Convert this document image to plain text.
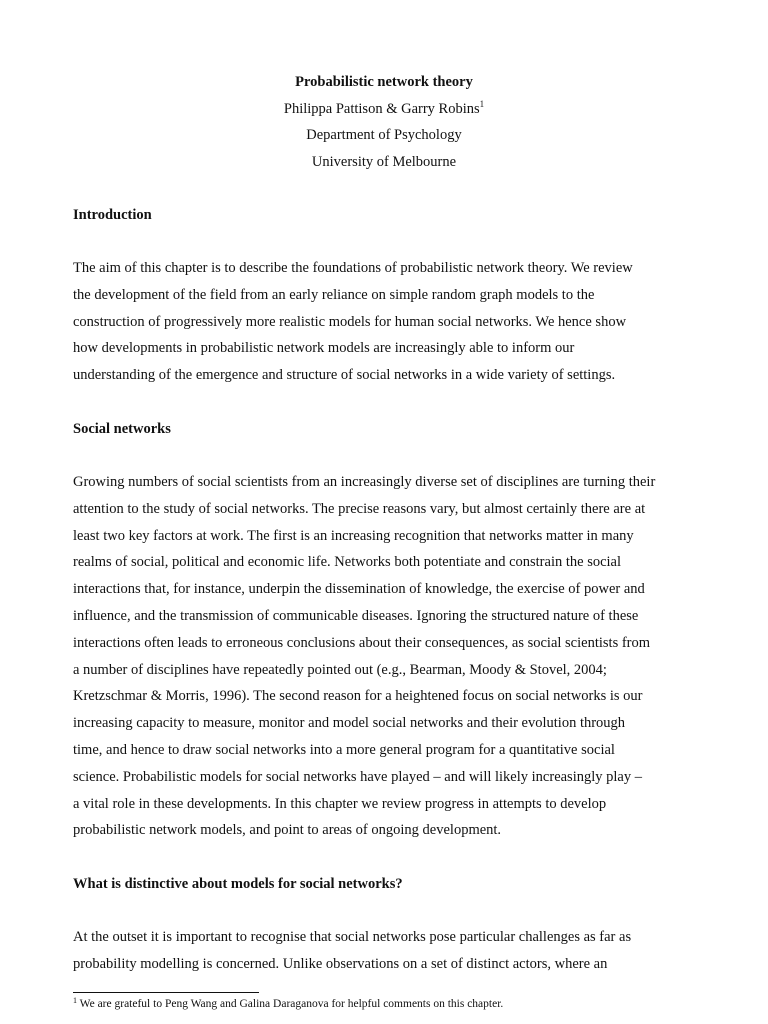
Probabilistic network theory
Philippa Pattison & Garry Robins$^1$
Department of Psychology
University of Melbourne
Introduction
The aim of this chapter is to describe the foundations of probabilistic network theory. We review
the development of the field from an early reliance on simple random graph models to the
construction of progressively more realistic models for human social networks. We hence show
how developments in probabilistic network models are increasingly able to inform our
understanding of the emergence and structure of social networks in a wide variety of settings.
Social networks
Growing numbers of social scientists from an increasingly diverse set of disciplines are turning their
attention to the study of social networks. The precise reasons vary, but almost certainly there are at
least two key factors at work. The first is an increasing recognition that networks matter in many
realms of social, political and economic life. Networks both potentiate and constrain the social
interactions that, for instance, underpin the dissemination of knowledge, the exercise of power and
influence, and the transmission of communicable diseases. Ignoring the structured nature of these
interactions often leads to erroneous conclusions about their consequences, as social scientists from
a number of disciplines have repeatedly pointed out (e.g., Bearman, Moody & Stovel, 2004;
Kretzschmar & Morris, 1996). The second reason for a heightened focus on social networks is our
increasing capacity to measure, monitor and model social networks and their evolution through
time, and hence to draw social networks into a more general program for a quantitative social
science. Probabilistic models for social networks have played – and will likely increasingly play –
a vital role in these developments. In this chapter we review progress in attempts to develop
probabilistic network models, and point to areas of ongoing development.
What is distinctive about models for social networks?
At the outset it is important to recognise that social networks pose particular challenges as far as
probability modelling is concerned. Unlike observations on a set of distinct actors, where an
$^1$ We are grateful to Peng Wang and Galina Daraganova for helpful comments on this chapter.
